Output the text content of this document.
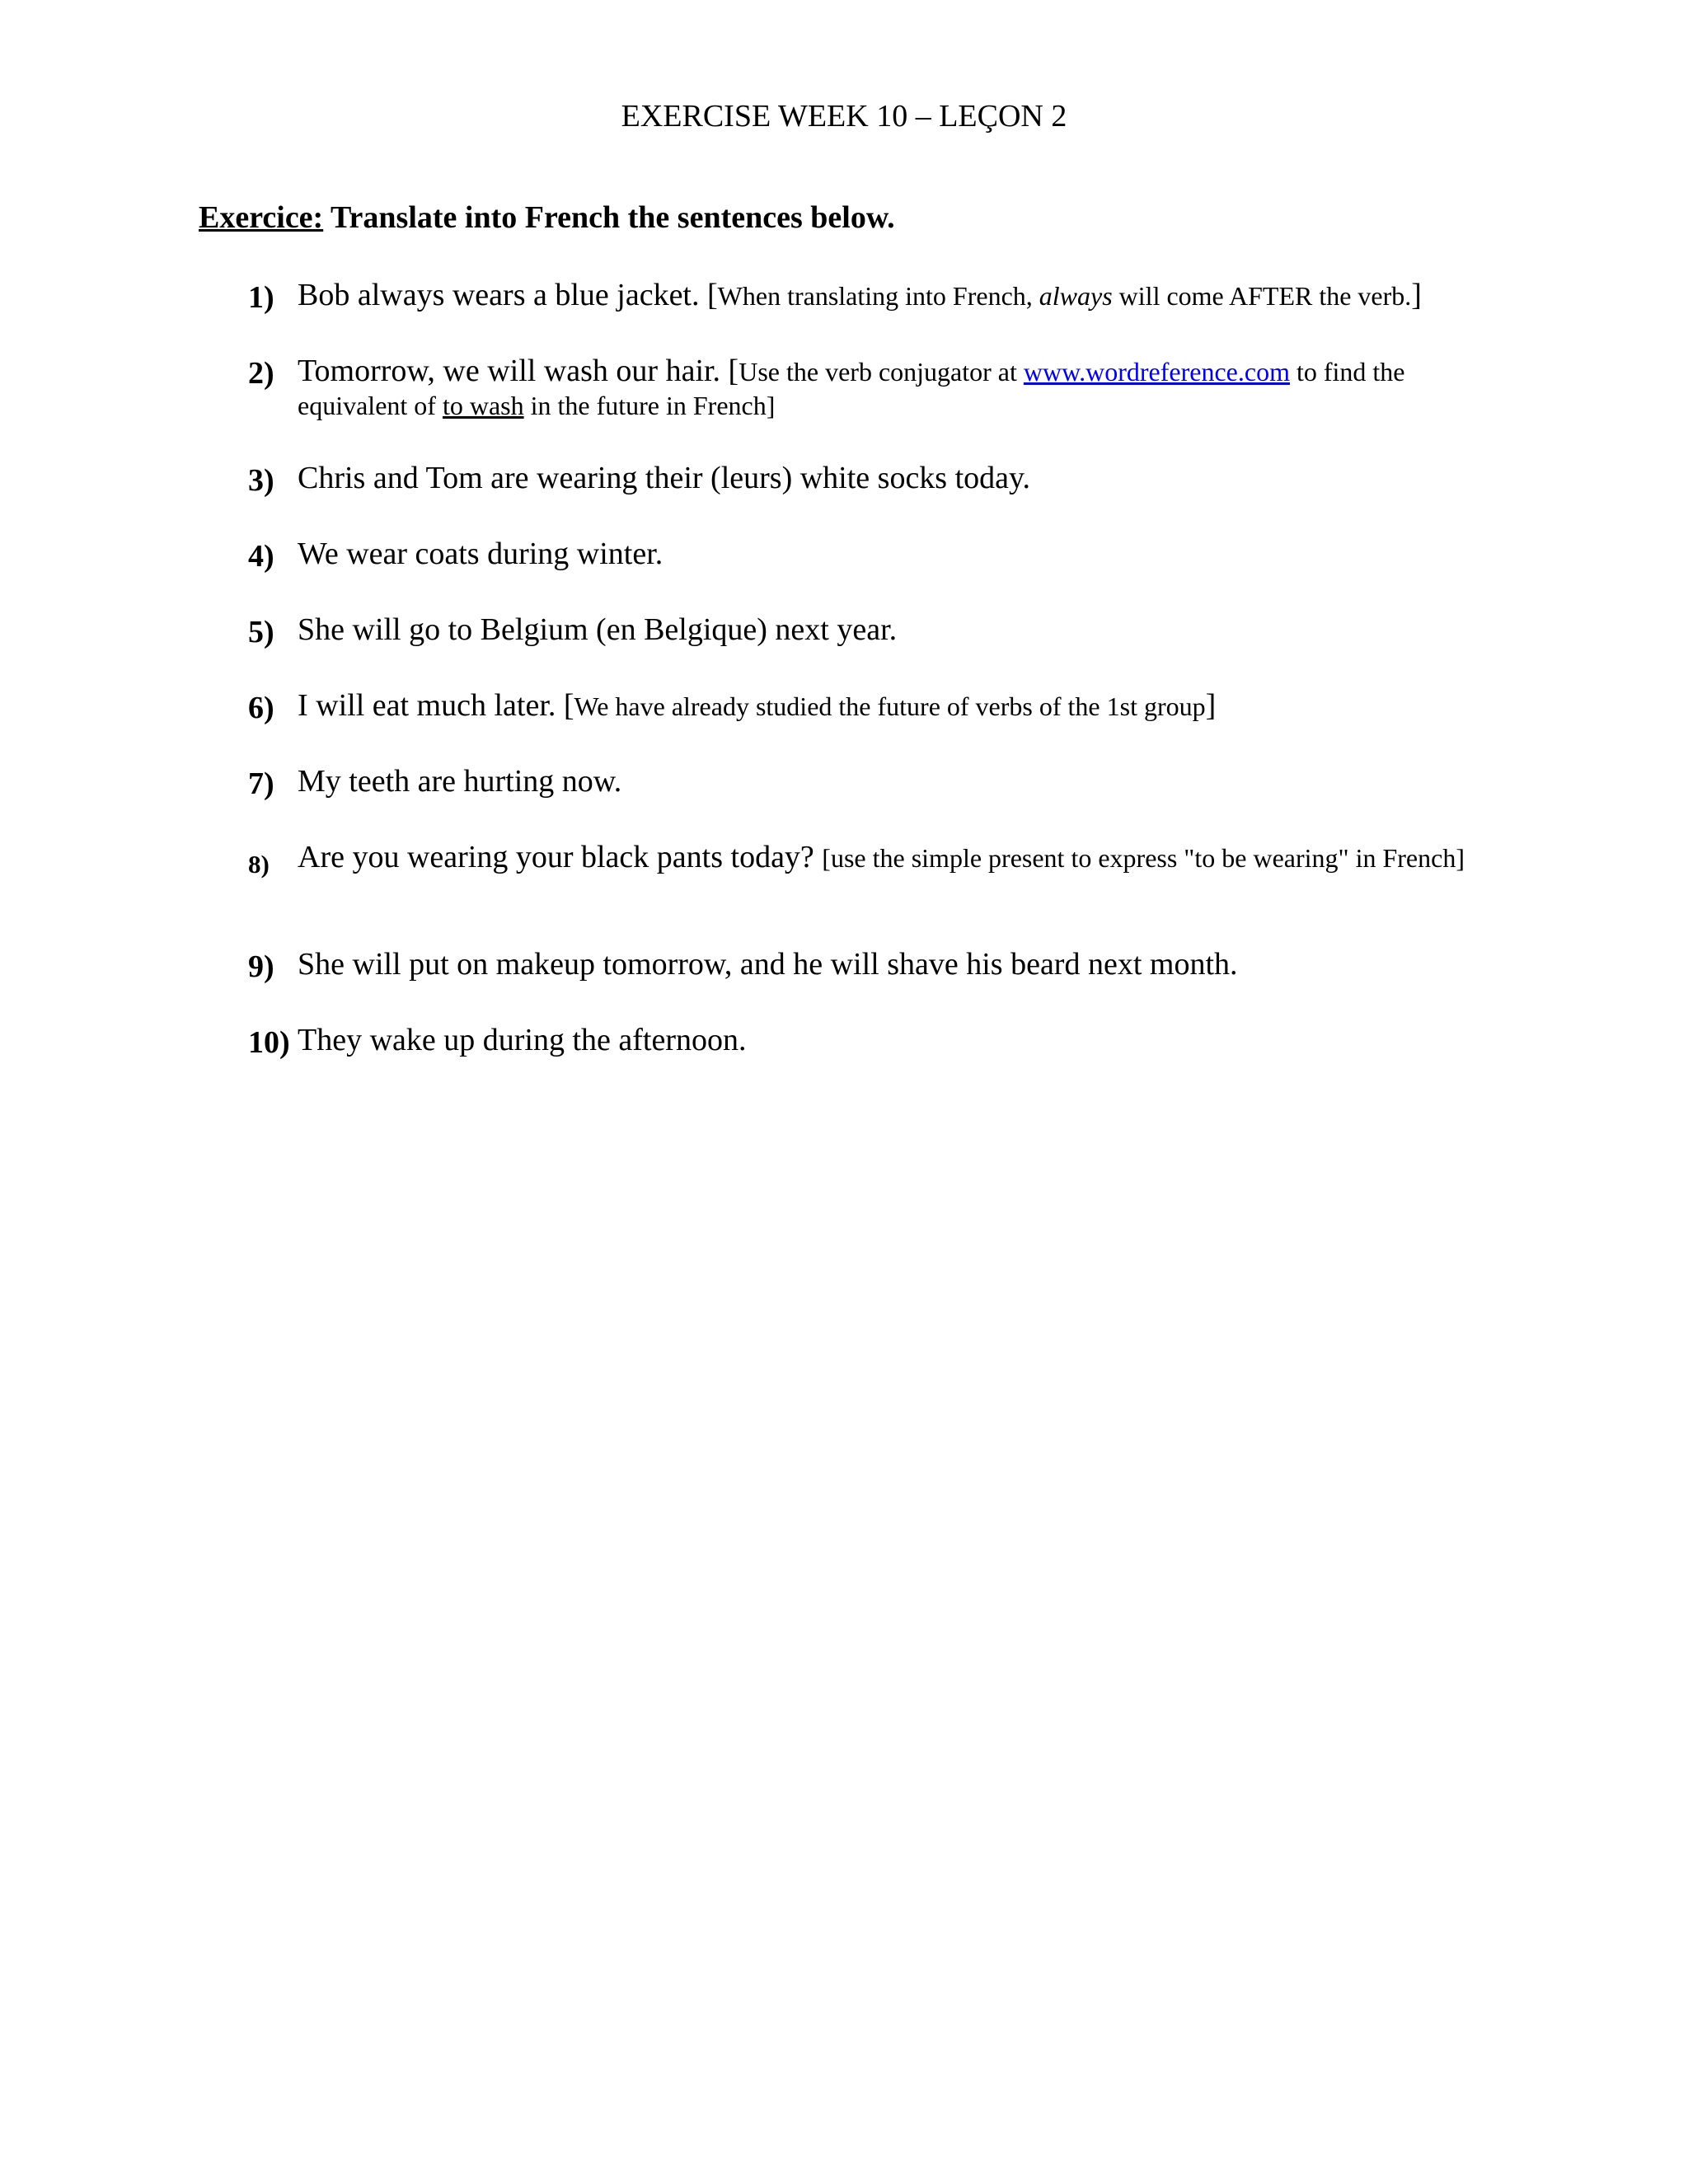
EXERCISE WEEK 10 – LEÇON 2
Exercice: Translate into French the sentences below.
1) Bob always wears a blue jacket. [When translating into French, always will come AFTER the verb.]
2) Tomorrow, we will wash our hair. [Use the verb conjugator at www.wordreference.com to find the equivalent of to wash in the future in French]
3) Chris and Tom are wearing their (leurs) white socks today.
4) We wear coats during winter.
5) She will go to Belgium (en Belgique) next year.
6) I will eat much later. [We have already studied the future of verbs of the 1st group]
7) My teeth are hurting now.
8) Are you wearing your black pants today? [use the simple present to express "to be wearing" in French]
9) She will put on makeup tomorrow, and he will shave his beard next month.
10) They wake up during the afternoon.
